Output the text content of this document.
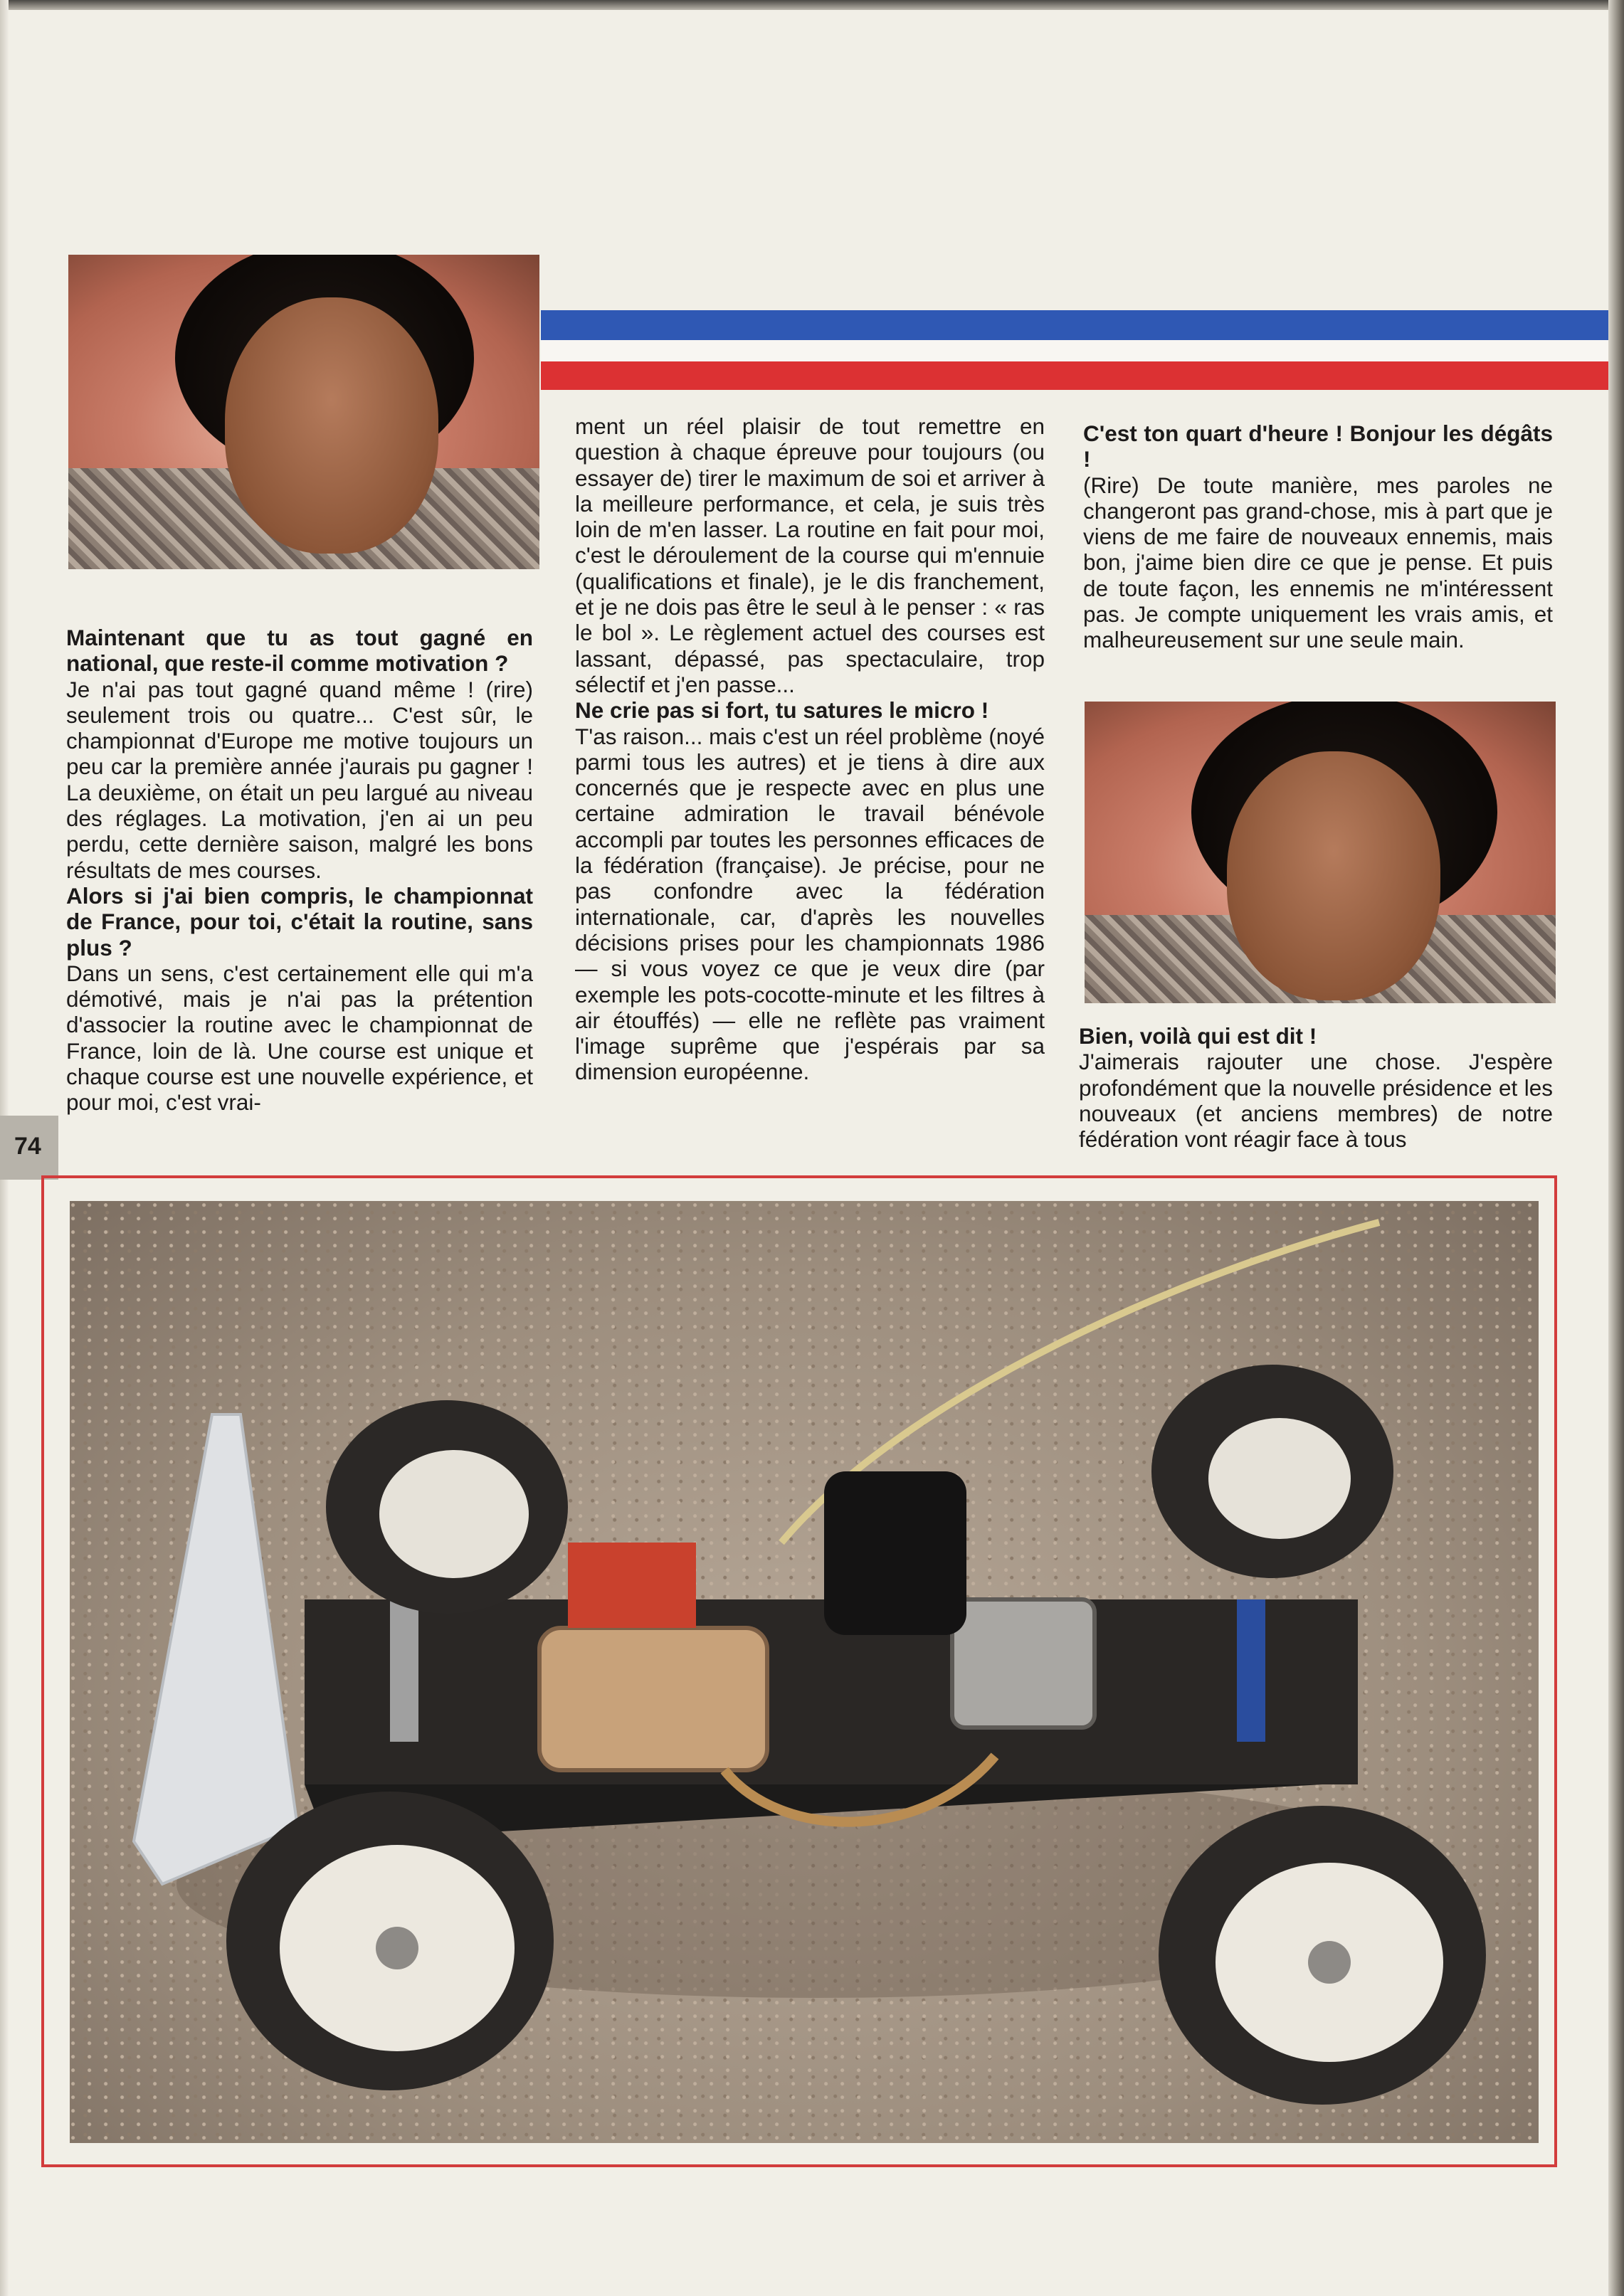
Maintenant que tu as tout gagné en national, que reste-il comme motivation ?

Je n'ai pas tout gagné quand même ! (rire) seulement trois ou quatre... C'est sûr, le championnat d'Europe me motive toujours un peu car la première année j'aurais pu gagner ! La deuxième, on était un peu largué au niveau des réglages. La motivation, j'en ai un peu perdu, cette dernière saison, malgré les bons résultats de mes courses.

Alors si j'ai bien compris, le championnat de France, pour toi, c'était la routine, sans plus ?

Dans un sens, c'est certainement elle qui m'a démotivé, mais je n'ai pas la prétention d'associer la routine avec le championnat de France, loin de là. Une course est unique et chaque course est une nouvelle expérience, et pour moi, c'est vrai-

ment un réel plaisir de tout remettre en question à chaque épreuve pour toujours (ou essayer de) tirer le maximum de soi et arriver à la meilleure performance, et cela, je suis très loin de m'en lasser. La routine en fait pour moi, c'est le déroulement de la course qui m'ennuie (qualifications et finale), je le dis franchement, et je ne dois pas être le seul à le penser : « ras le bol ». Le règlement actuel des courses est lassant, dépassé, pas spectaculaire, trop sélectif et j'en passe...

Ne crie pas si fort, tu satures le micro !

T'as raison... mais c'est un réel problème (noyé parmi tous les autres) et je tiens à dire aux concernés que je respecte avec en plus une certaine admiration le travail bénévole accompli par toutes les personnes efficaces de la fédération (française). Je précise, pour ne pas confondre avec la fédération internationale, car, d'après les nouvelles décisions prises pour les championnats 1986 — si vous voyez ce que je veux dire (par exemple les pots-cocotte-minute et les filtres à air étouffés) — elle ne reflète pas vraiment l'image suprême que j'espérais par sa dimension européenne.

C'est ton quart d'heure ! Bonjour les dégâts !

(Rire) De toute manière, mes paroles ne changeront pas grand-chose, mis à part que je viens de me faire de nouveaux ennemis, mais bon, j'aime bien dire ce que je pense. Et puis de toute façon, les ennemis ne m'intéressent pas. Je compte uniquement les vrais amis, et malheureusement sur une seule main.

Bien, voilà qui est dit !

J'aimerais rajouter une chose. J'espère profondément que la nouvelle présidence et les nouveaux (et anciens membres) de notre fédération vont réagir face à tous

74
